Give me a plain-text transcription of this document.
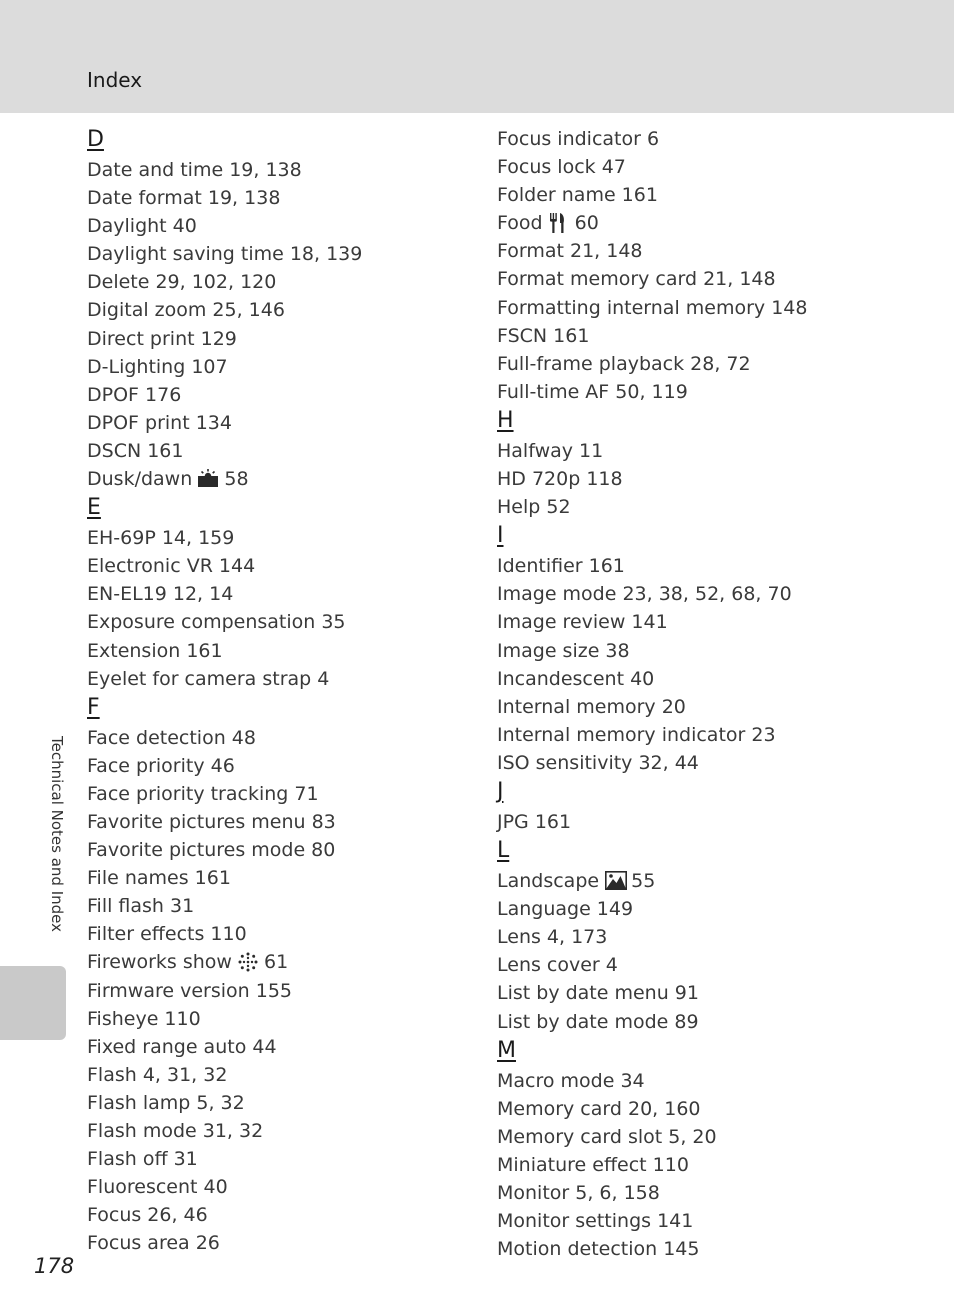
Index
Technical Notes and Index
178
D
Date and time 19, 138
Date format 19, 138
Daylight 40
Daylight saving time 18, 139
Delete 29, 102, 120
Digital zoom 25, 146
Direct print 129
D-Lighting 107
DPOF 176
DPOF print 134
DSCN 161
Dusk/dawn 58
E
EH-69P 14, 159
Electronic VR 144
EN-EL19 12, 14
Exposure compensation 35
Extension 161
Eyelet for camera strap 4
F
Face detection 48
Face priority 46
Face priority tracking 71
Favorite pictures menu 83
Favorite pictures mode 80
File names 161
Fill flash 31
Filter effects 110
Fireworks show 61
Firmware version 155
Fisheye 110
Fixed range auto 44
Flash 4, 31, 32
Flash lamp 5, 32
Flash mode 31, 32
Flash off 31
Fluorescent 40
Focus 26, 46
Focus area 26
Focus indicator 6
Focus lock 47
Folder name 161
Food 60
Format 21, 148
Format memory card 21, 148
Formatting internal memory 148
FSCN 161
Full-frame playback 28, 72
Full-time AF 50, 119
H
Halfway 11
HD 720p 118
Help 52
I
Identifier 161
Image mode 23, 38, 52, 68, 70
Image review 141
Image size 38
Incandescent 40
Internal memory 20
Internal memory indicator 23
ISO sensitivity 32, 44
J
JPG 161
L
Landscape 55
Language 149
Lens 4, 173
Lens cover 4
List by date menu 91
List by date mode 89
M
Macro mode 34
Memory card 20, 160
Memory card slot 5, 20
Miniature effect 110
Monitor 5, 6, 158
Monitor settings 141
Motion detection 145
